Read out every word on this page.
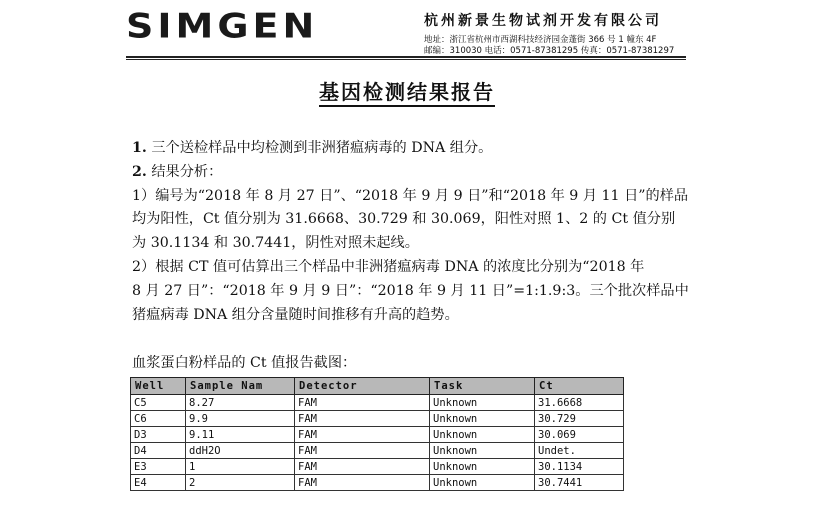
SIMGEN	杭州新景生物试剂开发有限公司
地址：浙江省杭州市西湖科技经济园金蓬街 366 号 1 幢东 4F
邮编：310030 电话：0571-87381295 传真：0571-87381297
基因检测结果报告
1. 三个送检样品中均检测到非洲猪瘟病毒的 DNA 组分。
2. 结果分析：
1）编号为“2018 年 8 月 27 日”、“2018 年 9 月 9 日”和“2018 年 9 月 11 日”的样品
均为阳性，Ct 值分别为 31.6668、30.729 和 30.069，阳性对照 1、2 的 Ct 值分别
为 30.1134 和 30.7441，阴性对照未起线。
2）根据 CT 值可估算出三个样品中非洲猪瘟病毒 DNA 的浓度比分别为“2018 年
8 月 27 日”：“2018 年 9 月 9 日”：“2018 年 9 月 11 日”=1:1.9:3。三个批次样品中
猪瘟病毒 DNA 组分含量随时间推移有升高的趋势。
血浆蛋白粉样品的 Ct 值报告截图：
Well	Sample Nam	Detector	Task	Ct
C5	8.27	FAM	Unknown	31.6668
C6	9.9	FAM	Unknown	30.729
D3	9.11	FAM	Unknown	30.069
D4	ddH2O	FAM	Unknown	Undet.
E3	1	FAM	Unknown	30.1134
E4	2	FAM	Unknown	30.7441
